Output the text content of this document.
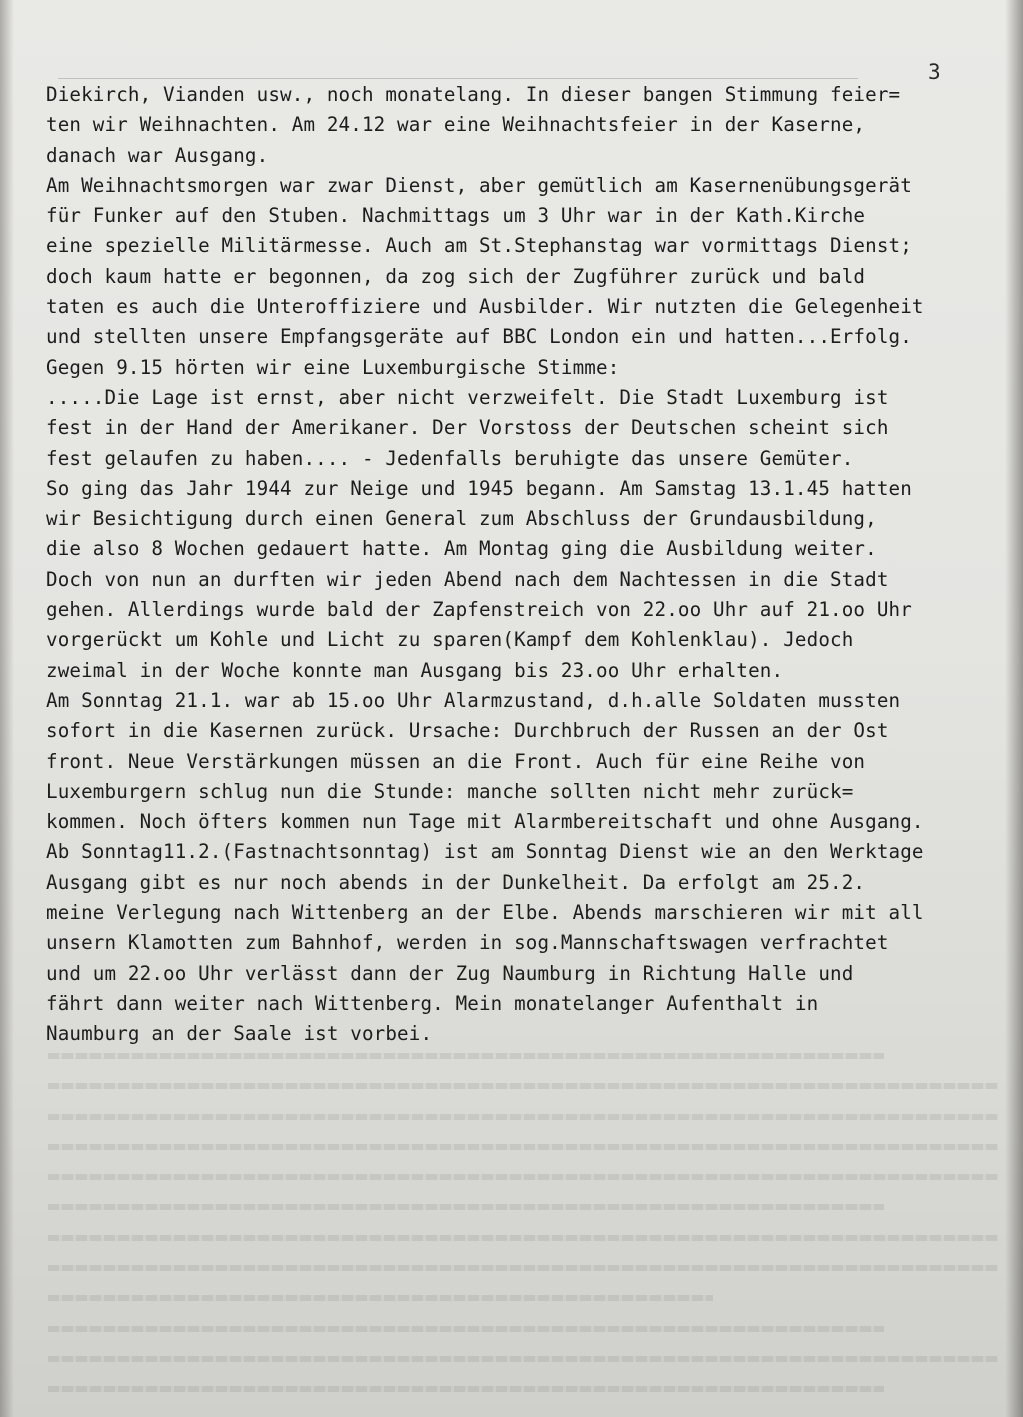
3
Diekirch, Vianden usw., noch monatelang. In dieser bangen Stimmung feier=
ten wir Weihnachten. Am 24.12 war eine Weihnachtsfeier in der Kaserne,
danach war Ausgang.
Am Weihnachtsmorgen war zwar Dienst, aber gemütlich am Kasernenübungsgerät
für Funker auf den Stuben. Nachmittags um 3 Uhr war in der Kath.Kirche
eine spezielle Militärmesse. Auch am St.Stephanstag war vormittags Dienst;
doch kaum hatte er begonnen, da zog sich der Zugführer zurück und bald
taten es auch die Unteroffiziere und Ausbilder. Wir nutzten die Gelegenheit
und stellten unsere Empfangsgeräte auf BBC London ein und hatten...Erfolg.
Gegen 9.15 hörten wir eine Luxemburgische Stimme:
.....Die Lage ist ernst, aber nicht verzweifelt. Die Stadt Luxemburg ist
fest in der Hand der Amerikaner. Der Vorstoss der Deutschen scheint sich
fest gelaufen zu haben.... - Jedenfalls beruhigte das unsere Gemüter.
So ging das Jahr 1944 zur Neige und 1945 begann. Am Samstag 13.1.45 hatten
wir Besichtigung durch einen General zum Abschluss der Grundausbildung,
die also 8 Wochen gedauert hatte. Am Montag ging die Ausbildung weiter.
Doch von nun an durften wir jeden Abend nach dem Nachtessen in die Stadt
gehen. Allerdings wurde bald der Zapfenstreich von 22.oo Uhr auf 21.oo Uhr
vorgerückt um Kohle und Licht zu sparen(Kampf dem Kohlenklau). Jedoch
zweimal in der Woche konnte man Ausgang bis 23.oo Uhr erhalten.
Am Sonntag 21.1. war ab 15.oo Uhr Alarmzustand, d.h.alle Soldaten mussten
sofort in die Kasernen zurück. Ursache: Durchbruch der Russen an der Ost
front. Neue Verstärkungen müssen an die Front. Auch für eine Reihe von
Luxemburgern schlug nun die Stunde: manche sollten nicht mehr zurück=
kommen. Noch öfters kommen nun Tage mit Alarmbereitschaft und ohne Ausgang.
Ab Sonntag11.2.(Fastnachtsonntag) ist am Sonntag Dienst wie an den Werktage
Ausgang gibt es nur noch abends in der Dunkelheit. Da erfolgt am 25.2.
meine Verlegung nach Wittenberg an der Elbe. Abends marschieren wir mit all
unsern Klamotten zum Bahnhof, werden in sog.Mannschaftswagen verfrachtet
und um 22.oo Uhr verlässt dann der Zug Naumburg in Richtung Halle und
fährt dann weiter nach Wittenberg. Mein monatelanger Aufenthalt in
Naumburg an der Saale ist vorbei.
